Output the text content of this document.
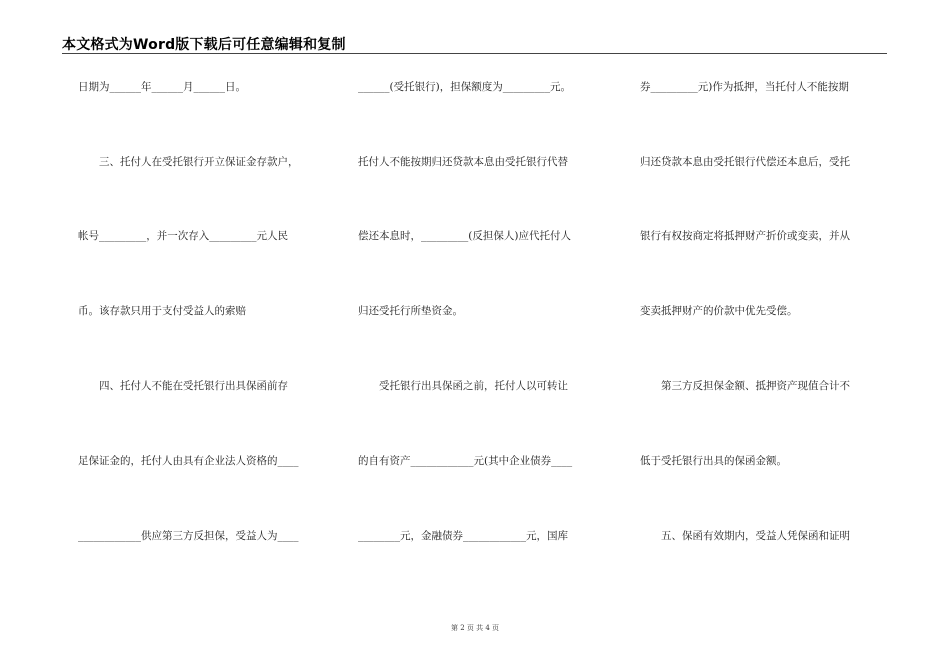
本文格式为Word版下载后可任意编辑和复制
日期为______年______月______日。
　　三、托付人在受托银行开立保证金存款户，
帐号_________，并一次存入_________元人民
币。该存款只用于支付受益人的索赔
　　四、托付人不能在受托银行出具保函前存
足保证金的，托付人由具有企业法人资格的____
____________供应第三方反担保，受益人为____
______(受托银行)，担保额度为_________元。
托付人不能按期归还贷款本息由受托银行代替
偿还本息时，_________(反担保人)应代托付人
归还受托行所垫资金。
　　受托银行出具保函之前，托付人以可转让
的自有资产____________元(其中企业债券____
________元，金融债券____________元，国库
券_________元)作为抵押，当托付人不能按期
归还贷款本息由受托银行代偿还本息后，受托
银行有权按商定将抵押财产折价或变卖，并从
变卖抵押财产的价款中优先受偿。
　　第三方反担保金额、抵押资产现值合计不
低于受托银行出具的保函金额。
　　五、保函有效期内，受益人凭保函和证明
第 2 页 共 4 页
